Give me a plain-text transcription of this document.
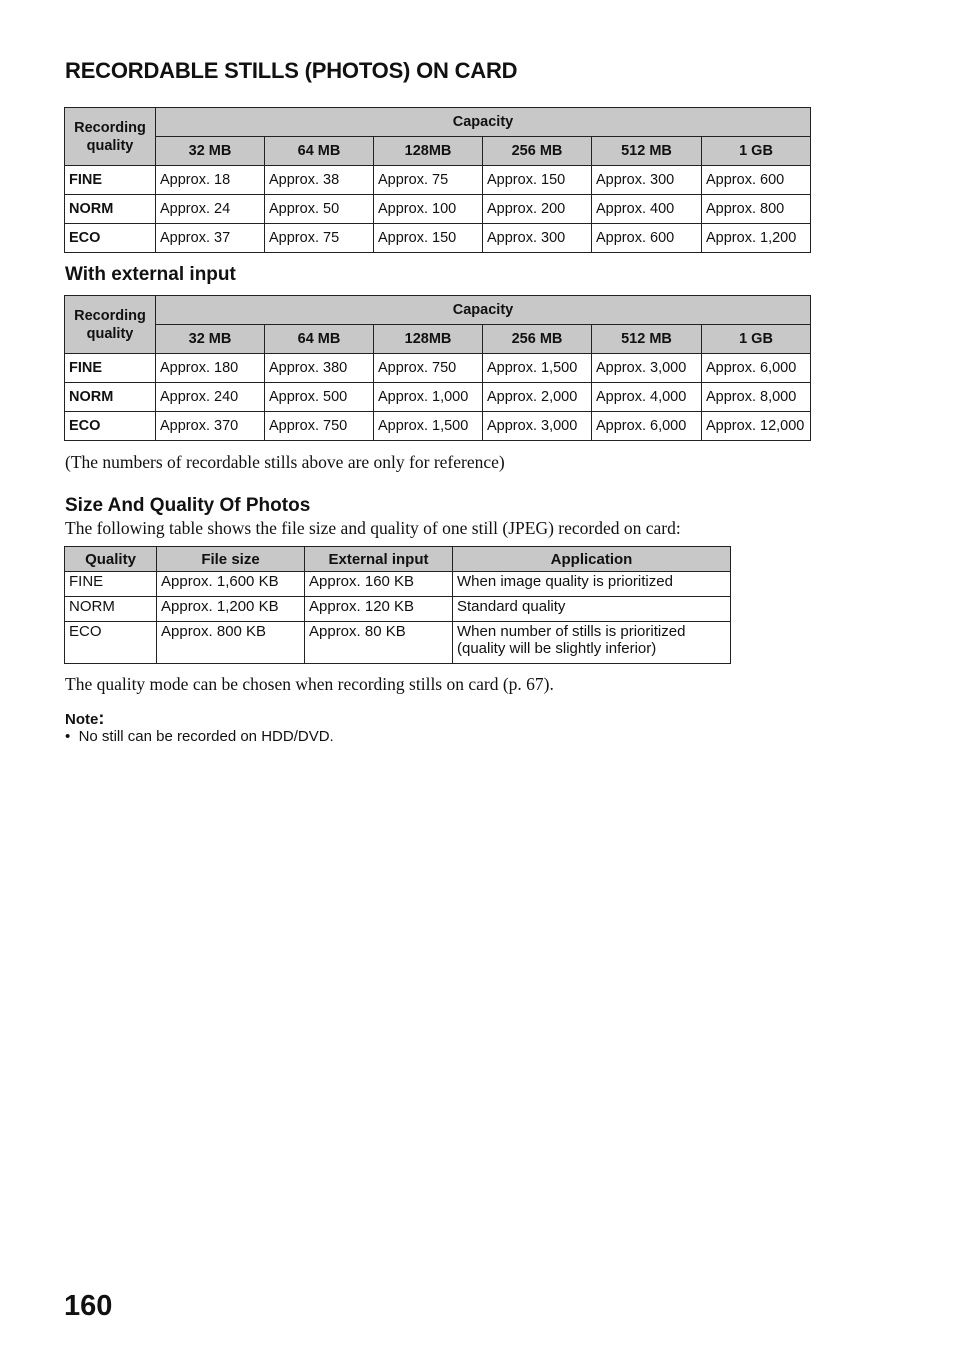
RECORDABLE STILLS (PHOTOS) ON CARD
Recording
quality	Capacity					
	32 MB	64 MB	128MB	256 MB	512 MB	1 GB
FINE	Approx. 18	Approx. 38	Approx. 75	Approx. 150	Approx. 300	Approx. 600
NORM	Approx. 24	Approx. 50	Approx. 100	Approx. 200	Approx. 400	Approx. 800
ECO	Approx. 37	Approx. 75	Approx. 150	Approx. 300	Approx. 600	Approx. 1,200
With external input
Recording
quality	Capacity					
	32 MB	64 MB	128MB	256 MB	512 MB	1 GB
FINE	Approx. 180	Approx. 380	Approx. 750	Approx. 1,500	Approx. 3,000	Approx. 6,000
NORM	Approx. 240	Approx. 500	Approx. 1,000	Approx. 2,000	Approx. 4,000	Approx. 8,000
ECO	Approx. 370	Approx. 750	Approx. 1,500	Approx. 3,000	Approx. 6,000	Approx. 12,000
(The numbers of recordable stills above are only for reference)
Size And Quality Of Photos
The following table shows the file size and quality of one still (JPEG) recorded on card:
Quality	File size	External input	Application
FINE	Approx. 1,600 KB	Approx. 160 KB	When image quality is prioritized
NORM	Approx. 1,200 KB	Approx. 120 KB	Standard quality
ECO	Approx. 800 KB	Approx. 80 KB	When number of stills is prioritized
(quality will be slightly inferior)
The quality mode can be chosen when recording stills on card (p. 67).
Note:
•  No still can be recorded on HDD/DVD.
160
